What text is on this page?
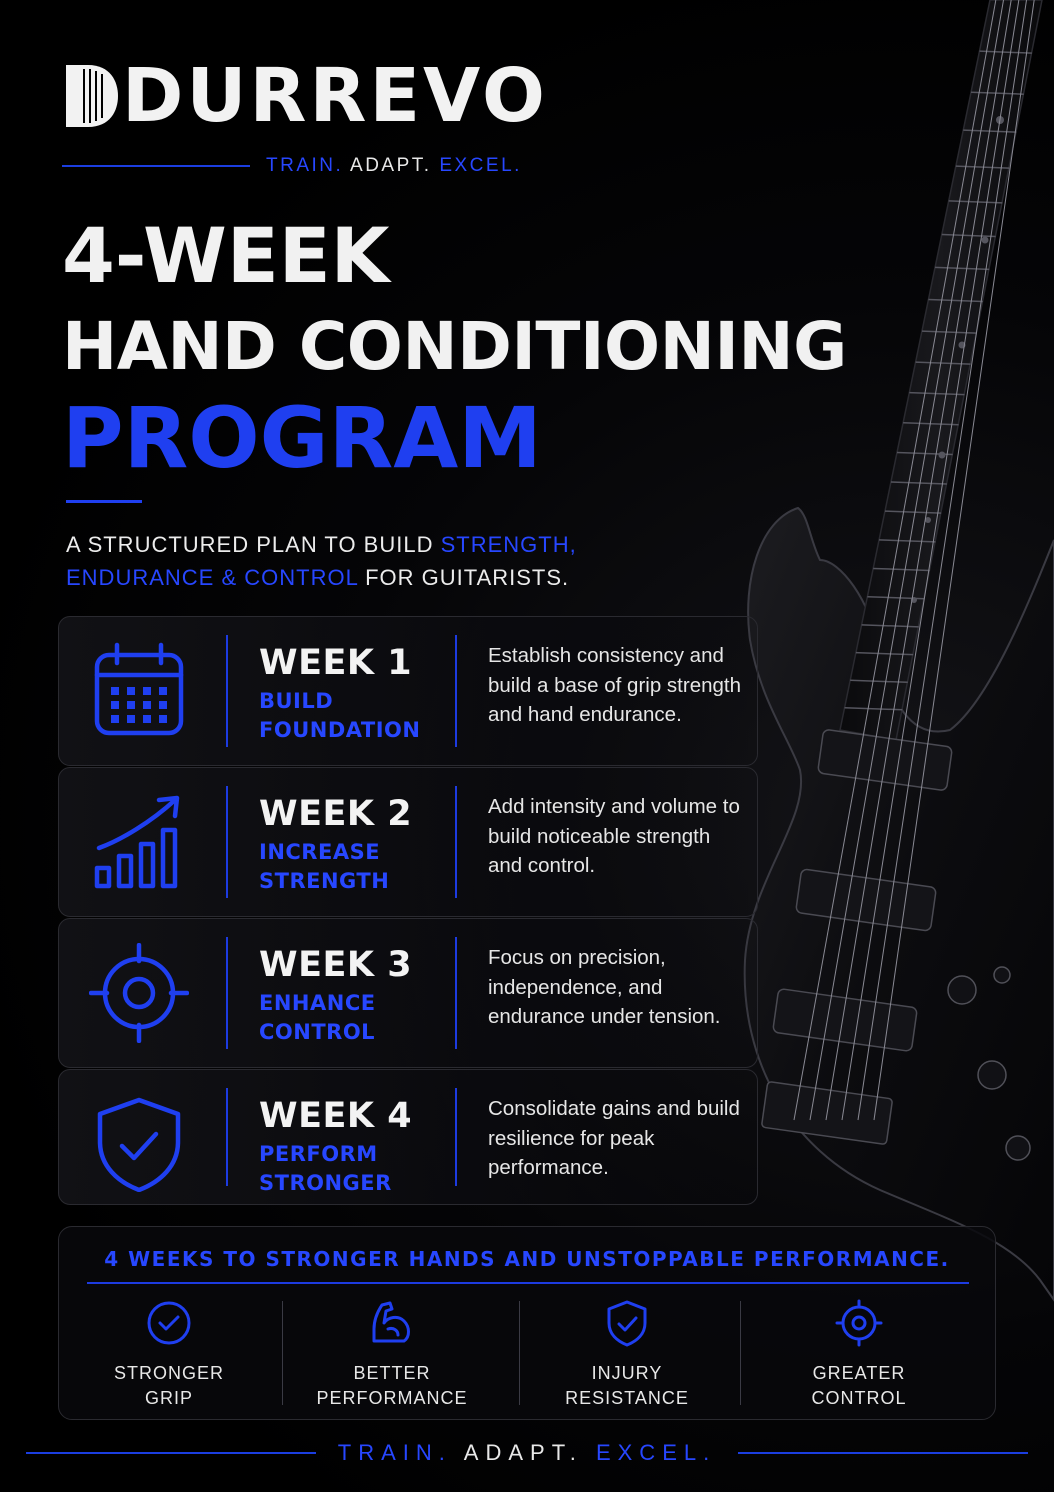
DURREVO
TRAIN. ADAPT. EXCEL.
4-WEEK
HAND CONDITIONING
PROGRAM
A STRUCTURED PLAN TO BUILD STRENGTH,
ENDURANCE & CONTROL FOR GUITARISTS.
WEEK 1
BUILD FOUNDATION
Establish consistency and build a base of grip strength and hand endurance.
WEEK 2
INCREASE STRENGTH
Add intensity and volume to build noticeable strength and control.
WEEK 3
ENHANCE CONTROL
Focus on precision, independence, and endurance under tension.
WEEK 4
PERFORM STRONGER
Consolidate gains and build resilience for peak performance.
4 WEEKS TO STRONGER HANDS AND UNSTOPPABLE PERFORMANCE.
STRONGER
GRIP
BETTER
PERFORMANCE
INJURY
RESISTANCE
GREATER
CONTROL
TRAIN. ADAPT. EXCEL.
